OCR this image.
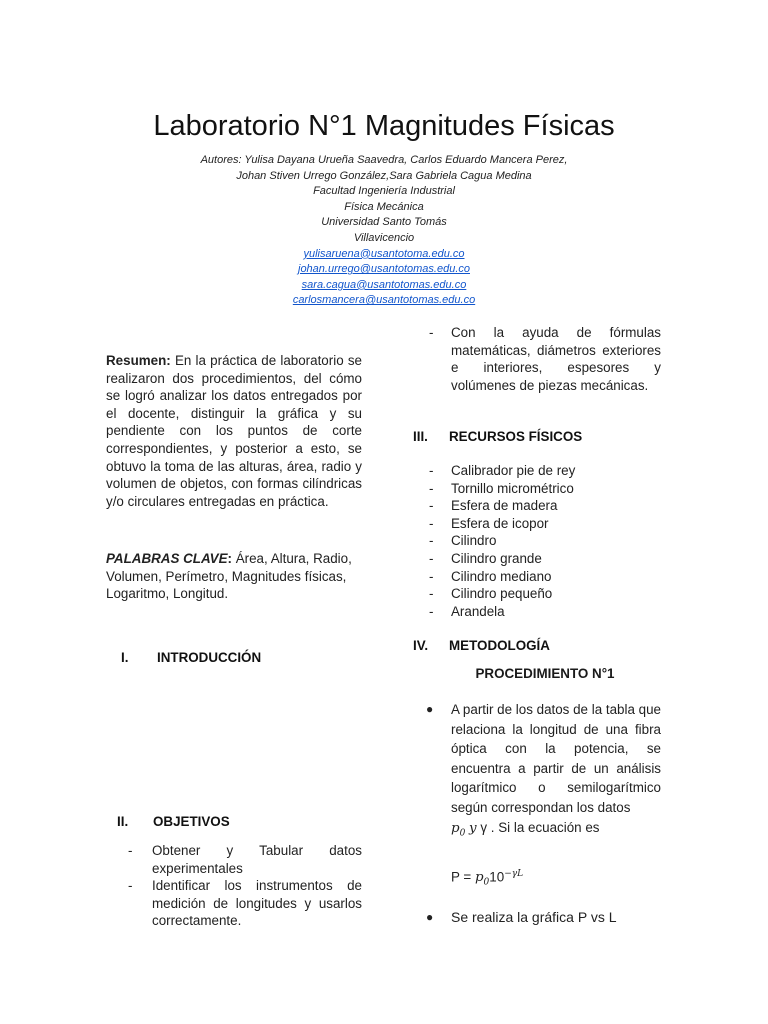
Laboratorio N°1 Magnitudes Físicas
Autores: Yulisa Dayana Urueña Saavedra, Carlos Eduardo Mancera Perez,
Johan Stiven Urrego González,Sara Gabriela Cagua Medina
Facultad Ingeniería Industrial
Física Mecánica
Universidad Santo Tomás
Villavicencio
yulisaruena@usantotoma.edu.co
johan.urrego@usantotomas.edu.co
sara.cagua@usantotomas.edu.co
carlosmancera@usantotomas.edu.co

Resumen: En la práctica de laboratorio se realizaron dos procedimientos, del cómo se logró analizar los datos entregados por el docente, distinguir la gráfica y su pendiente con los puntos de corte correspondientes, y posterior a esto, se obtuvo la toma de las alturas, área, radio y volumen de objetos, con formas cilíndricas y/o circulares entregadas en práctica.

PALABRAS CLAVE: Área, Altura, Radio, Volumen, Perímetro, Magnitudes físicas, Logaritmo, Longitud.

I. INTRODUCCIÓN
II. OBJETIVOS
- Obtener y Tabular datos experimentales
- Identificar los instrumentos de medición de longitudes y usarlos correctamente.
- Con la ayuda de fórmulas matemáticas, diámetros exteriores e interiores, espesores y volúmenes de piezas mecánicas.
III. RECURSOS FÍSICOS
- Calibrador pie de rey
- Tornillo micrométrico
- Esfera de madera
- Esfera de icopor
- Cilindro
- Cilindro grande
- Cilindro mediano
- Cilindro pequeño
- Arandela
IV. METODOLOGÍA
PROCEDIMIENTO N°1
● A partir de los datos de la tabla que relaciona la longitud de una fibra óptica con la potencia, se encuentra a partir de un análisis logarítmico o semilogarítmico según correspondan los datos
$p_0$ y γ . Si la ecuación es
$P = p_010^{-\gamma L}$
● Se realiza la gráfica P vs L
